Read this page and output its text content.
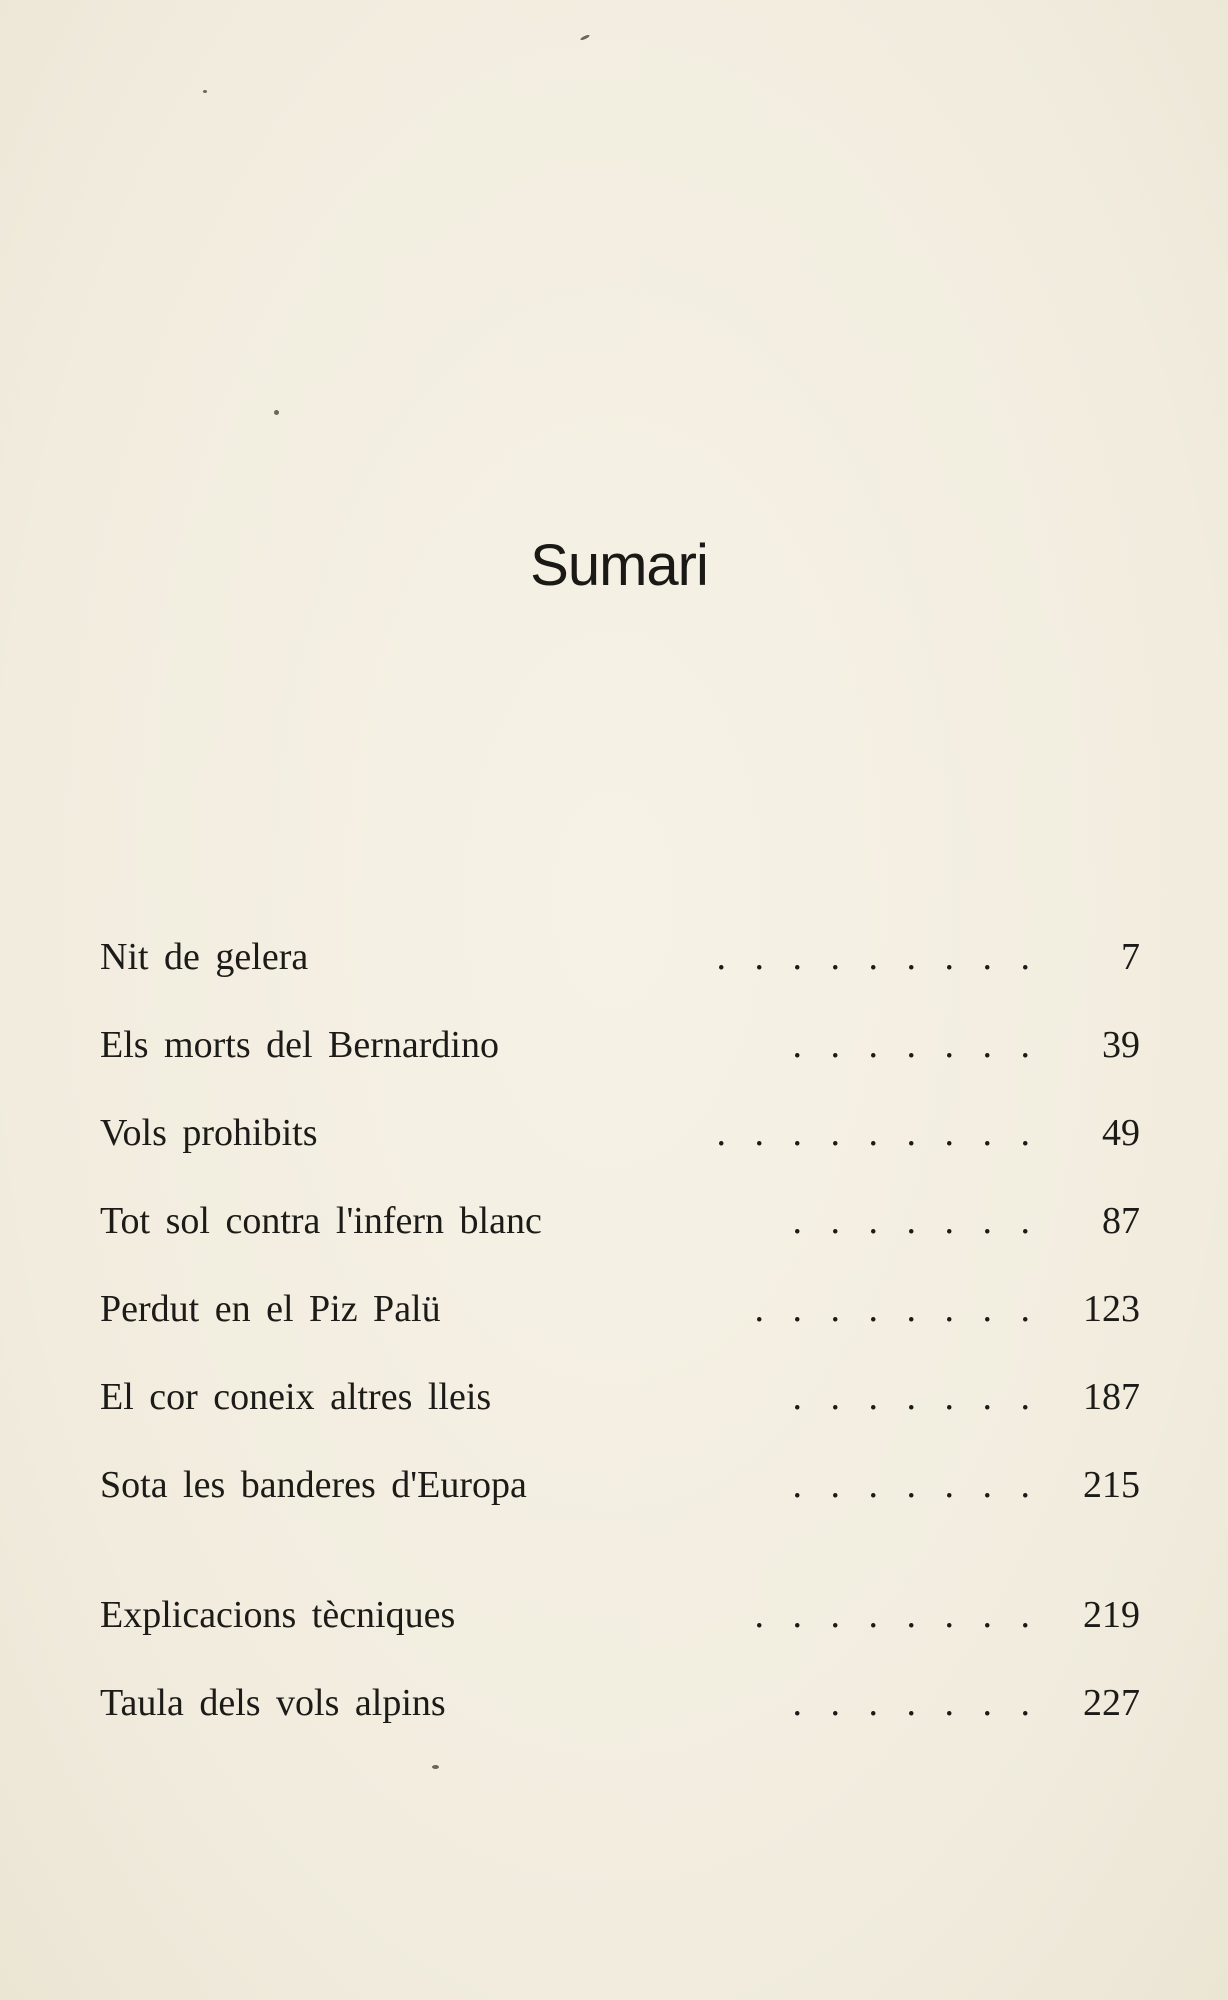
Sumari
Nit de gelera	.   .   .   .   .   .   .   .   .	7
Els morts del Bernardino	.   .   .   .   .   .   .	39
Vols prohibits	.   .   .   .   .   .   .   .   .	49
Tot sol contra l'infern blanc	.   .   .   .   .   .   .	87
Perdut en el Piz Palü	.   .   .   .   .   .   .   .	123
El cor coneix altres lleis	.   .   .   .   .   .   .	187
Sota les banderes d'Europa	.   .   .   .   .   .   .	215
Explicacions tècniques	.   .   .   .   .   .   .   .	219
Taula dels vols alpins	.   .   .   .   .   .   .	227
